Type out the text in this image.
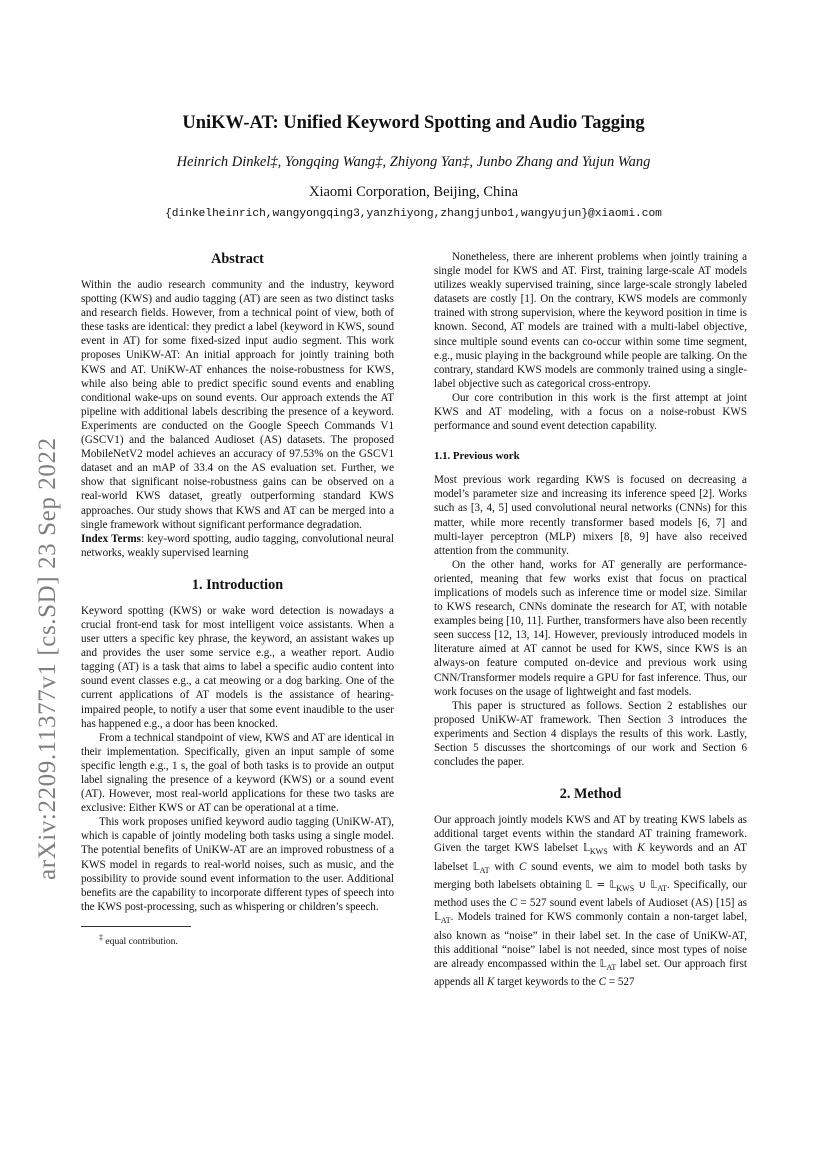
arXiv:2209.11377v1 [cs.SD] 23 Sep 2022
UniKW-AT: Unified Keyword Spotting and Audio Tagging
Heinrich Dinkel‡, Yongqing Wang‡, Zhiyong Yan‡, Junbo Zhang and Yujun Wang
Xiaomi Corporation, Beijing, China
{dinkelheinrich,wangyongqing3,yanzhiyong,zhangjunbo1,wangyujun}@xiaomi.com
Abstract

Within the audio research community and the industry, keyword spotting (KWS) and audio tagging (AT) are seen as two distinct tasks and research fields. However, from a technical point of view, both of these tasks are identical: they predict a label (keyword in KWS, sound event in AT) for some fixed-sized input audio segment. This work proposes UniKW-AT: An initial approach for jointly training both KWS and AT. UniKW-AT enhances the noise-robustness for KWS, while also being able to predict specific sound events and enabling conditional wake-ups on sound events. Our approach extends the AT pipeline with additional labels describing the presence of a keyword. Experiments are conducted on the Google Speech Commands V1 (GSCV1) and the balanced Audioset (AS) datasets. The proposed MobileNetV2 model achieves an accuracy of 97.53% on the GSCV1 dataset and an mAP of 33.4 on the AS evaluation set. Further, we show that significant noise-robustness gains can be observed on a real-world KWS dataset, greatly outperforming standard KWS approaches. Our study shows that KWS and AT can be merged into a single framework without significant performance degradation.

Index Terms: key-word spotting, audio tagging, convolutional neural networks, weakly supervised learning

1. Introduction

Keyword spotting (KWS) or wake word detection is nowadays a crucial front-end task for most intelligent voice assistants. When a user utters a specific key phrase, the keyword, an assistant wakes up and provides the user some service e.g., a weather report. Audio tagging (AT) is a task that aims to label a specific audio content into sound event classes e.g., a cat meowing or a dog barking. One of the current applications of AT models is the assistance of hearing-impaired people, to notify a user that some event inaudible to the user has happened e.g., a door has been knocked.

From a technical standpoint of view, KWS and AT are identical in their implementation. Specifically, given an input sample of some specific length e.g., 1 s, the goal of both tasks is to provide an output label signaling the presence of a keyword (KWS) or a sound event (AT). However, most real-world applications for these two tasks are exclusive: Either KWS or AT can be operational at a time.

This work proposes unified keyword audio tagging (UniKW-AT), which is capable of jointly modeling both tasks using a single model. The potential benefits of UniKW-AT are an improved robustness of a KWS model in regards to real-world noises, such as music, and the possibility to provide sound event information to the user. Additional benefits are the capability to incorporate different types of speech into the KWS post-processing, such as whispering or children’s speech.

‡ equal contribution.

Nonetheless, there are inherent problems when jointly training a single model for KWS and AT. First, training large-scale AT models utilizes weakly supervised training, since large-scale strongly labeled datasets are costly [1]. On the contrary, KWS models are commonly trained with strong supervision, where the keyword position in time is known. Second, AT models are trained with a multi-label objective, since multiple sound events can co-occur within some time segment, e.g., music playing in the background while people are talking. On the contrary, standard KWS models are commonly trained using a single-label objective such as categorical cross-entropy.

Our core contribution in this work is the first attempt at joint KWS and AT modeling, with a focus on a noise-robust KWS performance and sound event detection capability.

1.1. Previous work

Most previous work regarding KWS is focused on decreasing a model’s parameter size and increasing its inference speed [2]. Works such as [3, 4, 5] used convolutional neural networks (CNNs) for this matter, while more recently transformer based models [6, 7] and multi-layer perceptron (MLP) mixers [8, 9] have also received attention from the community.

On the other hand, works for AT generally are performance-oriented, meaning that few works exist that focus on practical implications of models such as inference time or model size. Similar to KWS research, CNNs dominate the research for AT, with notable examples being [10, 11]. Further, transformers have also been recently seen success [12, 13, 14]. However, previously introduced models in literature aimed at AT cannot be used for KWS, since KWS is an always-on feature computed on-device and previous work using CNN/Transformer models require a GPU for fast inference. Thus, our work focuses on the usage of lightweight and fast models.

This paper is structured as follows. Section 2 establishes our proposed UniKW-AT framework. Then Section 3 introduces the experiments and Section 4 displays the results of this work. Lastly, Section 5 discusses the shortcomings of our work and Section 6 concludes the paper.

2. Method

Our approach jointly models KWS and AT by treating KWS labels as additional target events within the standard AT training framework. Given the target KWS labelset 𝕃$_{KWS}$ with K keywords and an AT labelset 𝕃$_{AT}$ with C sound events, we aim to model both tasks by merging both labelsets obtaining 𝕃 = 𝕃$_{KWS}$ ∪ 𝕃$_{AT}$. Specifically, our method uses the C = 527 sound event labels of Audioset (AS) [15] as 𝕃$_{AT}$. Models trained for KWS commonly contain a non-target label, also known as “noise” in their label set. In the case of UniKW-AT, this additional “noise” label is not needed, since most types of noise are already encompassed within the 𝕃$_{AT}$ label set. Our approach first appends all K target keywords to the C = 527
